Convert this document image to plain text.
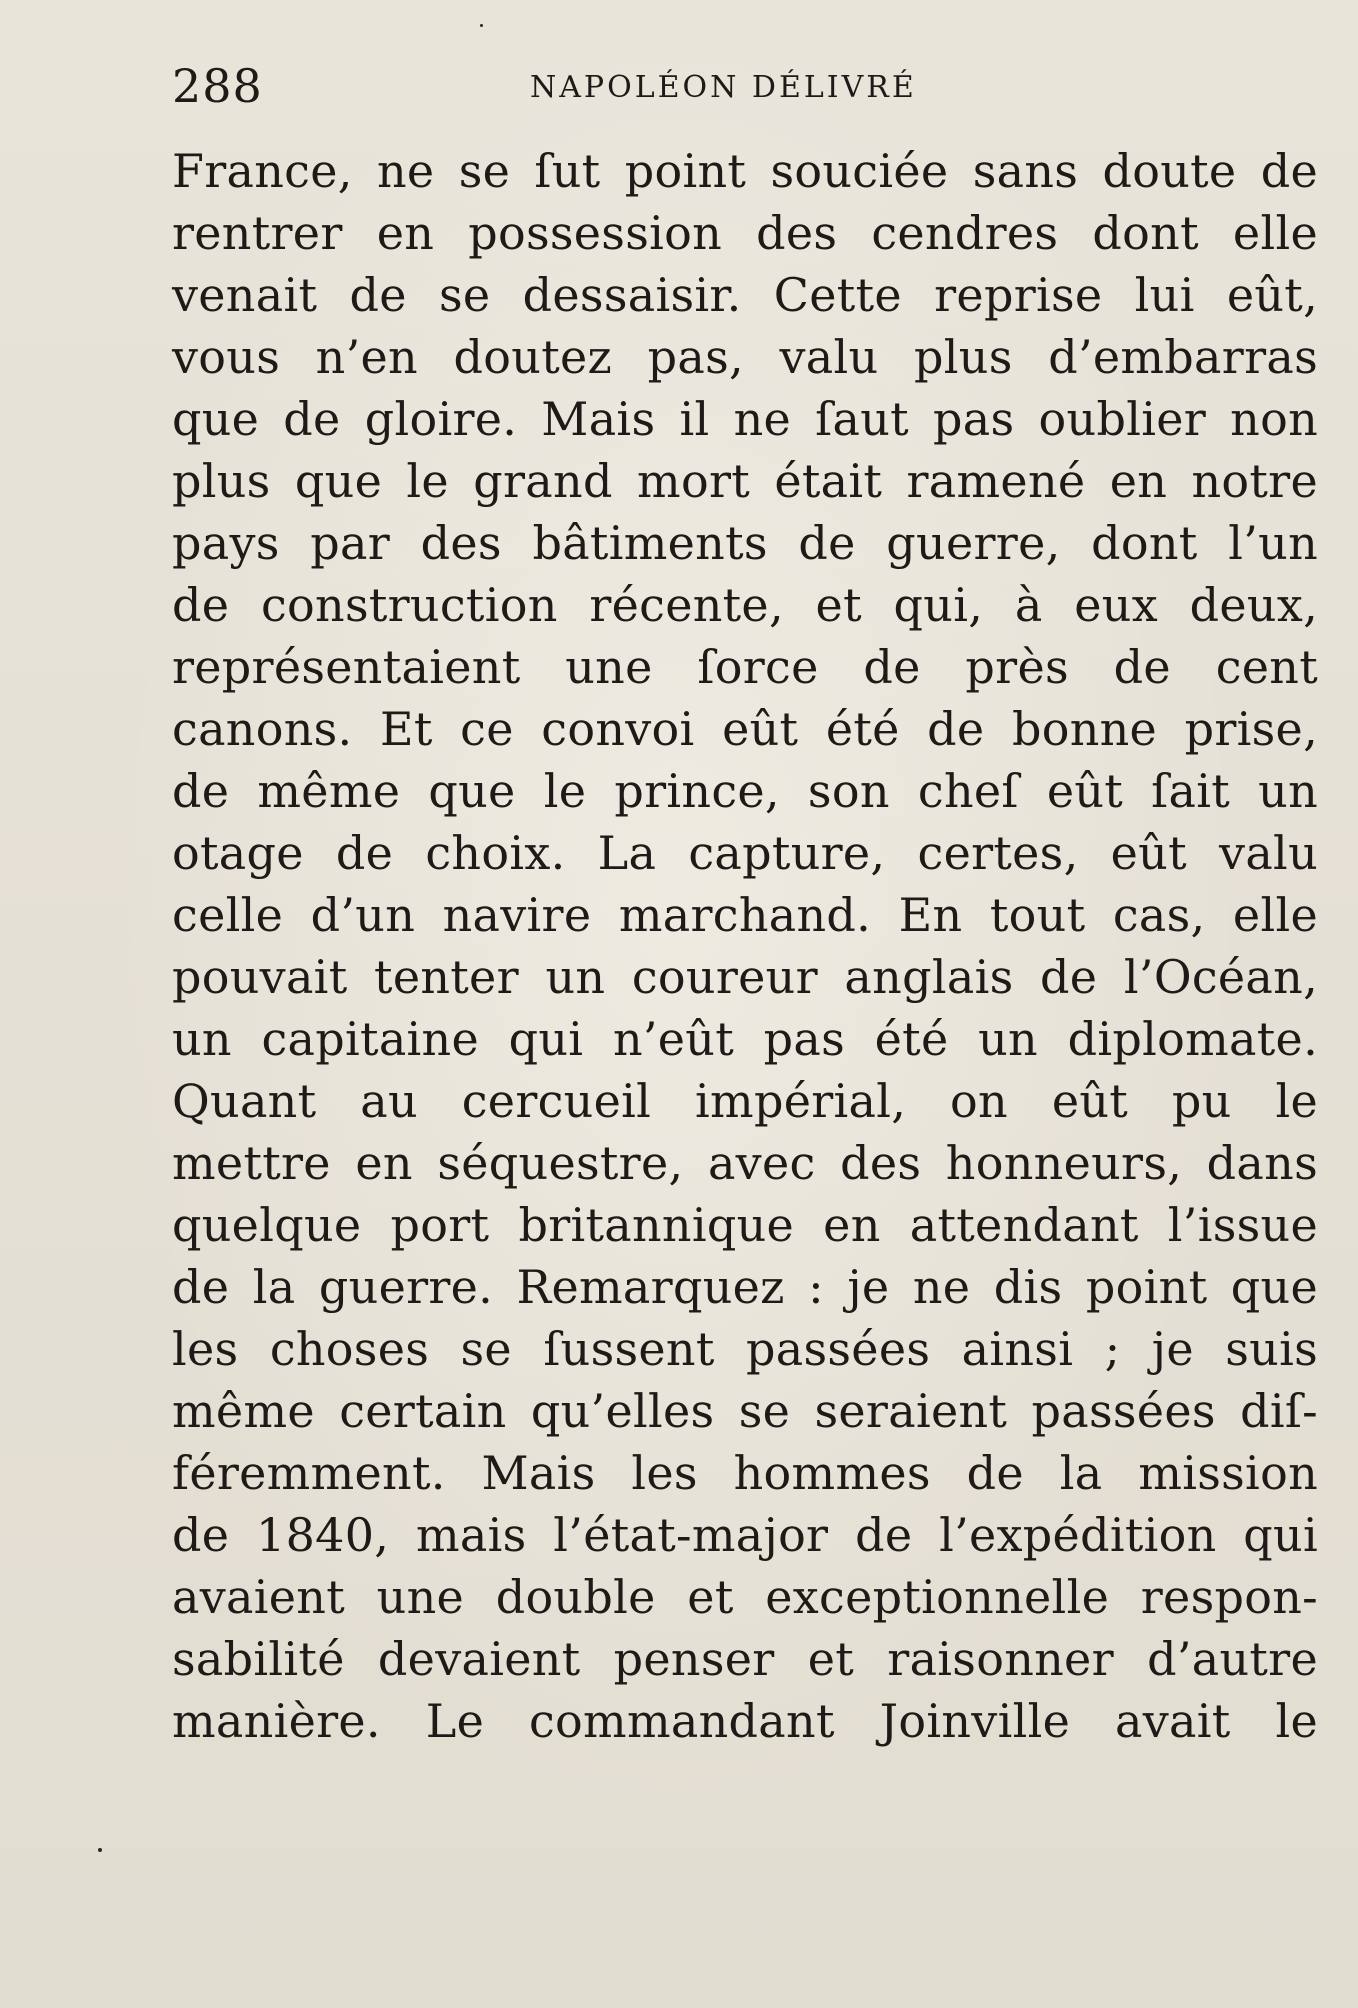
288	NAPOLÉON DÉLIVRÉ
France, ne se ſut point souciée sans doute de
rentrer en possession des cendres dont elle
venait de se dessaisir. Cette reprise lui eût,
vous n’en doutez pas, valu plus d’embarras
que de gloire. Mais il ne ſaut pas oublier non
plus que le grand mort était ramené en notre
pays par des bâtiments de guerre, dont l’un
de construction récente, et qui, à eux deux,
représentaient une ſorce de près de cent
canons. Et ce convoi eût été de bonne prise,
de même que le prince, son cheſ eût ſait un
otage de choix. La capture, certes, eût valu
celle d’un navire marchand. En tout cas, elle
pouvait tenter un coureur anglais de l’Océan,
un capitaine qui n’eût pas été un diplomate.
Quant au cercueil impérial, on eût pu le
mettre en séquestre, avec des honneurs, dans
quelque port britannique en attendant l’issue
de la guerre. Remarquez : je ne dis point que
les choses se ſussent passées ainsi ; je suis
même certain qu’elles se seraient passées diſ-
féremment. Mais les hommes de la mission
de 1840, mais l’état-major de l’expédition qui
avaient une double et exceptionnelle respon-
sabilité devaient penser et raisonner d’autre
manière. Le commandant Joinville avait le
